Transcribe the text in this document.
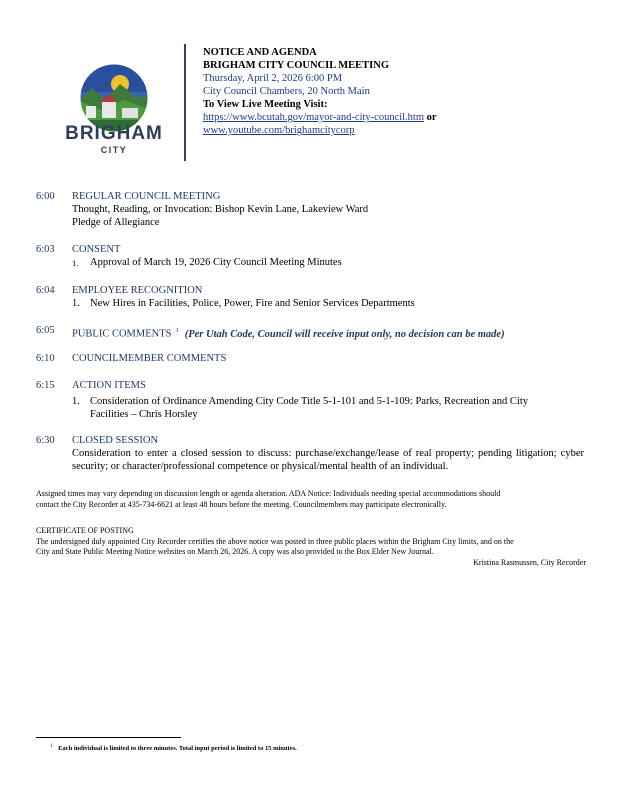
BRIGHAM
CITY
NOTICE AND AGENDA
BRIGHAM CITY COUNCIL MEETING
Thursday, April 2, 2026 6:00 PM
City Council Chambers, 20 North Main
To View Live Meeting Visit:
https://www.bcutah.gov/mayor-and-city-council.htm or
www.youtube.com/brighamcitycorp
6:00	REGULAR COUNCIL MEETING
Thought, Reading, or Invocation: Bishop Kevin Lane, Lakeview Ward
Pledge of Allegiance
6:03	CONSENT
1. Approval of March 19, 2026 City Council Meeting Minutes
6:04	EMPLOYEE RECOGNITION
1. New Hires in Facilities, Police, Power, Fire and Senior Services Departments
6:05	PUBLIC COMMENTS $^1$ (Per Utah Code, Council will receive input only, no decision can be made)
6:10	COUNCILMEMBER COMMENTS
6:15	ACTION ITEMS
1. Consideration of Ordinance Amending City Code Title 5-1-101 and 5-1-109: Parks, Recreation and City
Facilities – Chris Horsley
6:30	CLOSED SESSION
Consideration to enter a closed session to discuss: purchase/exchange/lease of real property; pending litigation; cyber security; or character/professional competence or physical/mental health of an individual.
Assigned times may vary depending on discussion length or agenda alteration. ADA Notice: Individuals needing special accommodations should
contact the City Recorder at 435-734-6621 at least 48 hours before the meeting. Councilmembers may participate electronically.
CERTIFICATE OF POSTING
The undersigned duly appointed City Recorder certifies the above notice was posted in three public places within the Brigham City limits, and on the
City and State Public Meeting Notice websites on March 26, 2026. A copy was also provided to the Box Elder New Journal.
Kristina Rasmussen, City Recorder
$^1$ Each individual is limited to three minutes. Total input period is limited to 15 minutes.
